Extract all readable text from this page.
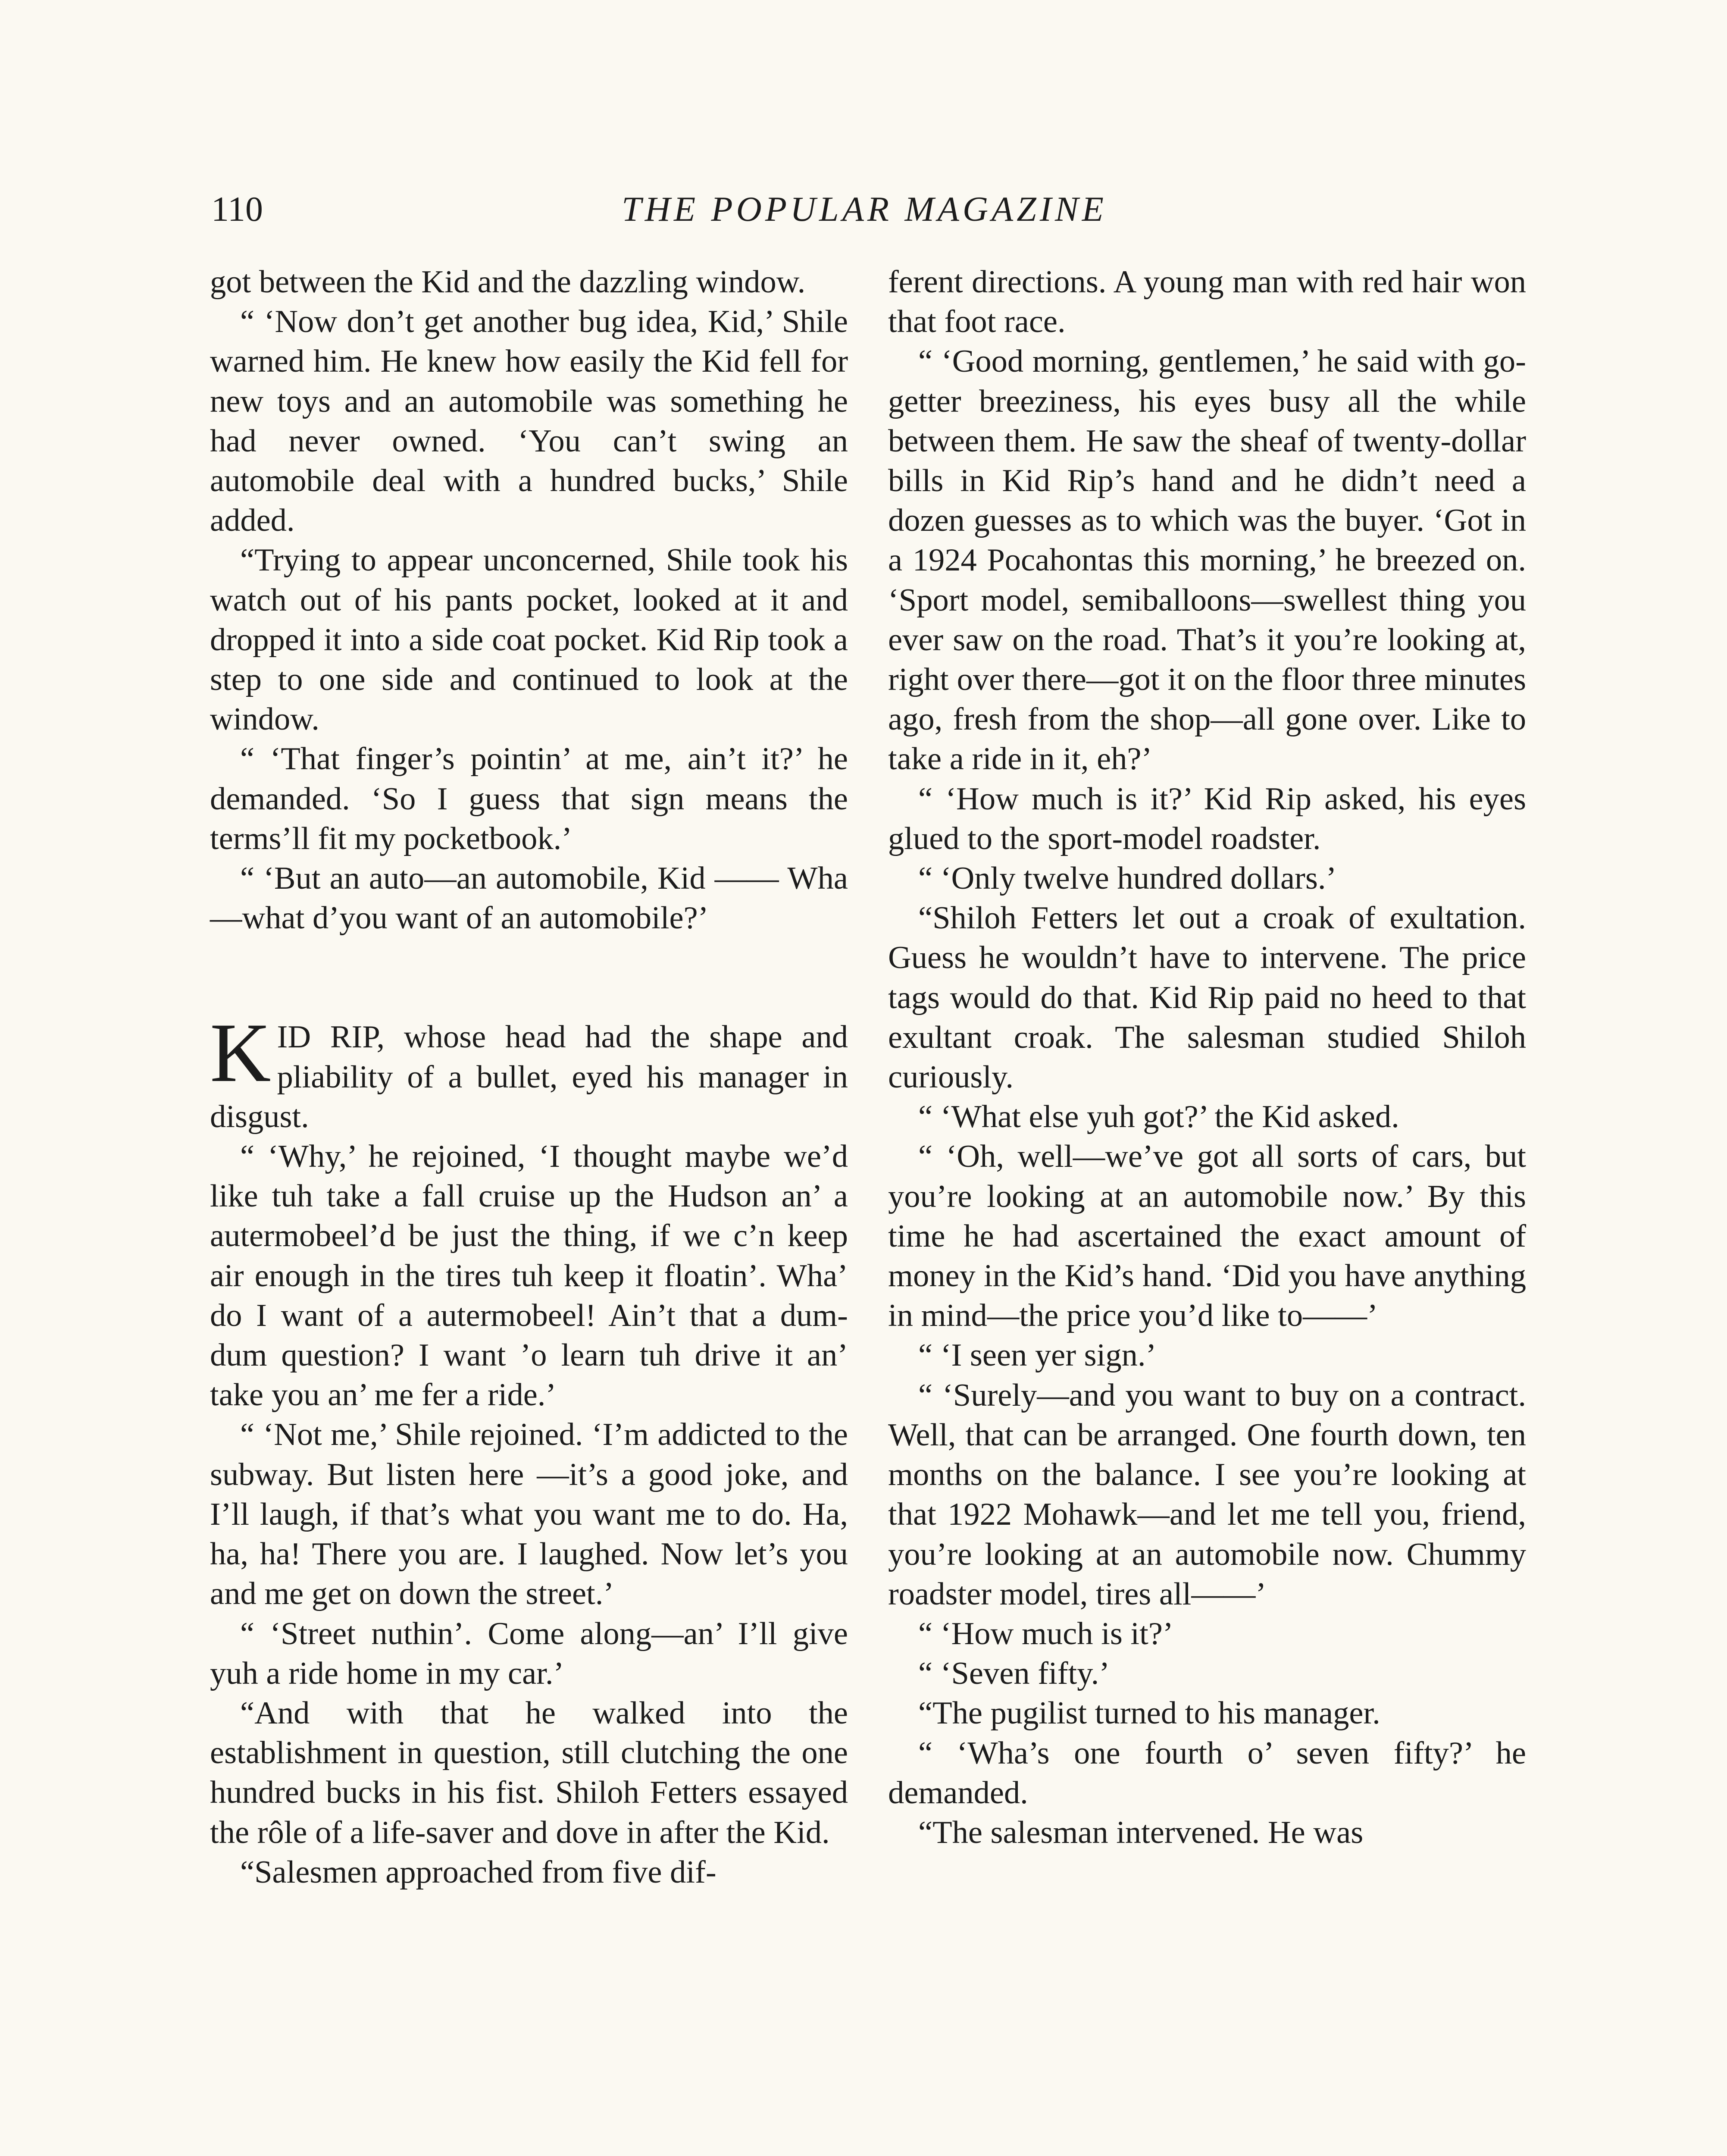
110	THE POPULAR MAGAZINE

got between the Kid and the dazzling window.

“ ‘Now don’t get another bug idea, Kid,’ Shile warned him. He knew how easily the Kid fell for new toys and an automobile was something he had never owned. ‘You can’t swing an automobile deal with a hundred bucks,’ Shile added.

“Trying to appear unconcerned, Shile took his watch out of his pants pocket, looked at it and dropped it into a side coat pocket. Kid Rip took a step to one side and continued to look at the window.

“ ‘That finger’s pointin’ at me, ain’t it?’ he demanded. ‘So I guess that sign means the terms’ll fit my pocketbook.’

“ ‘But an auto—an automobile, Kid —— Wha—what d’you want of an automobile?’

KID RIP, whose head had the shape and pliability of a bullet, eyed his manager in disgust.

“ ‘Why,’ he rejoined, ‘I thought maybe we’d like tuh take a fall cruise up the Hudson an’ a autermobeel’d be just the thing, if we c’n keep air enough in the tires tuh keep it floatin’. Wha’ do I want of a autermobeel! Ain’t that a dum-dum question? I want ’o learn tuh drive it an’ take you an’ me fer a ride.’

“ ‘Not me,’ Shile rejoined. ‘I’m addicted to the subway. But listen here —it’s a good joke, and I’ll laugh, if that’s what you want me to do. Ha, ha, ha! There you are. I laughed. Now let’s you and me get on down the street.’

“ ‘Street nuthin’. Come along—an’ I’ll give yuh a ride home in my car.’

“And with that he walked into the establishment in question, still clutching the one hundred bucks in his fist. Shiloh Fetters essayed the rôle of a life-saver and dove in after the Kid.

“Salesmen approached from five dif-

ferent directions. A young man with red hair won that foot race.

“ ‘Good morning, gentlemen,’ he said with go-getter breeziness, his eyes busy all the while between them. He saw the sheaf of twenty-dollar bills in Kid Rip’s hand and he didn’t need a dozen guesses as to which was the buyer. ‘Got in a 1924 Pocahontas this morning,’ he breezed on. ‘Sport model, semiballoons—swellest thing you ever saw on the road. That’s it you’re looking at, right over there—got it on the floor three minutes ago, fresh from the shop—all gone over. Like to take a ride in it, eh?’

“ ‘How much is it?’ Kid Rip asked, his eyes glued to the sport-model roadster.

“ ‘Only twelve hundred dollars.’

“Shiloh Fetters let out a croak of exultation. Guess he wouldn’t have to intervene. The price tags would do that. Kid Rip paid no heed to that exultant croak. The salesman studied Shiloh curiously.

“ ‘What else yuh got?’ the Kid asked.

“ ‘Oh, well—we’ve got all sorts of cars, but you’re looking at an automobile now.’ By this time he had ascertained the exact amount of money in the Kid’s hand. ‘Did you have anything in mind—the price you’d like to——’

“ ‘I seen yer sign.’

“ ‘Surely—and you want to buy on a contract. Well, that can be arranged. One fourth down, ten months on the balance. I see you’re looking at that 1922 Mohawk—and let me tell you, friend, you’re looking at an automobile now. Chummy roadster model, tires all——’

“ ‘How much is it?’

“ ‘Seven fifty.’

“The pugilist turned to his manager.

“ ‘Wha’s one fourth o’ seven fifty?’ he demanded.

“The salesman intervened. He was
